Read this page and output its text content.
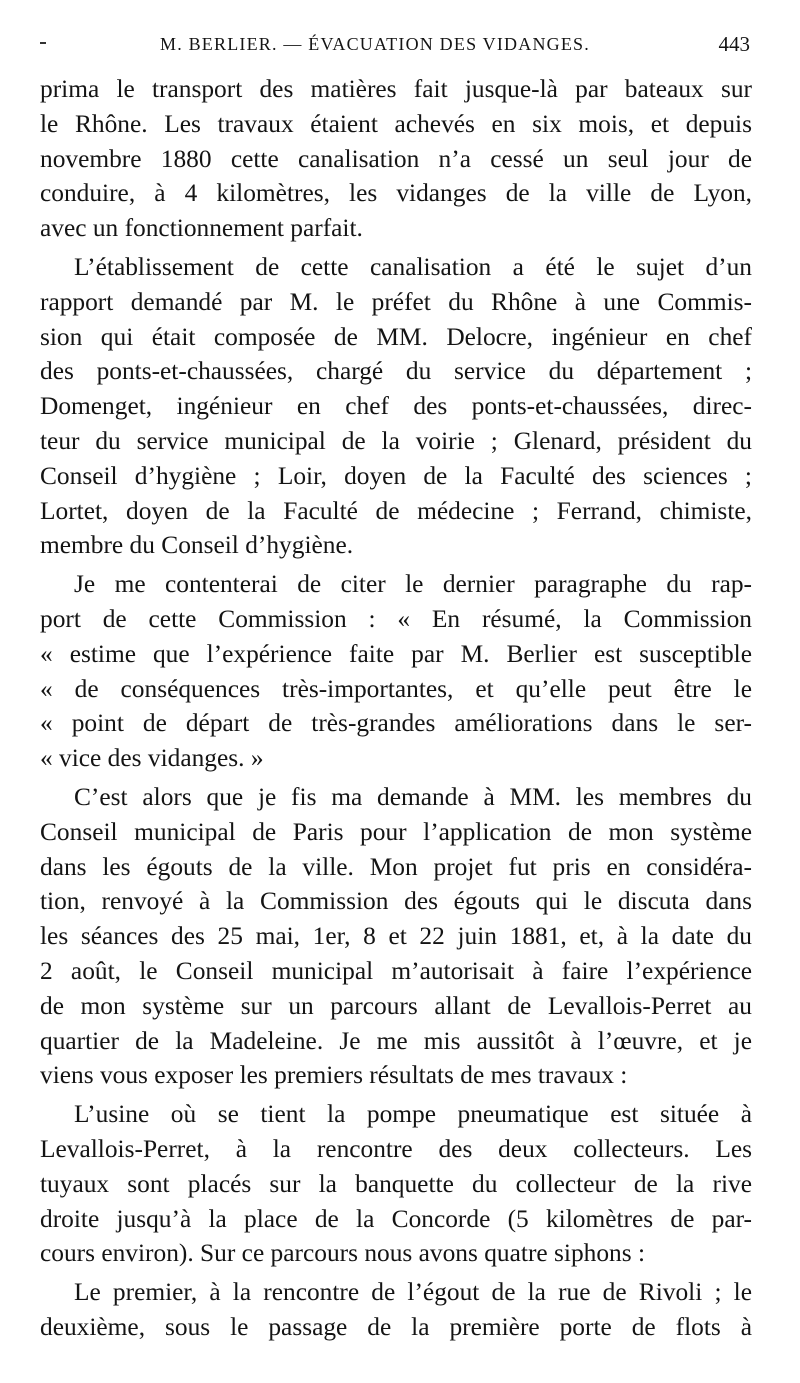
M. BERLIER. — ÉVACUATION DES VIDANGES.	443
prima le transport des matières fait jusque-là par bateaux sur
le Rhône. Les travaux étaient achevés en six mois, et depuis
novembre 1880 cette canalisation n’a cessé un seul jour de
conduire, à 4 kilomètres, les vidanges de la ville de Lyon,
avec un fonctionnement parfait.
L’établissement de cette canalisation a été le sujet d’un
rapport demandé par M. le préfet du Rhône à une Commis-
sion qui était composée de MM. Delocre, ingénieur en chef
des ponts-et-chaussées, chargé du service du département ;
Domenget, ingénieur en chef des ponts-et-chaussées, direc-
teur du service municipal de la voirie ; Glenard, président du
Conseil d’hygiène ; Loir, doyen de la Faculté des sciences ;
Lortet, doyen de la Faculté de médecine ; Ferrand, chimiste,
membre du Conseil d’hygiène.
Je me contenterai de citer le dernier paragraphe du rap-
port de cette Commission : « En résumé, la Commission
« estime que l’expérience faite par M. Berlier est susceptible
« de conséquences très-importantes, et qu’elle peut être le
« point de départ de très-grandes améliorations dans le ser-
« vice des vidanges. »
C’est alors que je fis ma demande à MM. les membres du
Conseil municipal de Paris pour l’application de mon système
dans les égouts de la ville. Mon projet fut pris en considéra-
tion, renvoyé à la Commission des égouts qui le discuta dans
les séances des 25 mai, 1er, 8 et 22 juin 1881, et, à la date du
2 août, le Conseil municipal m’autorisait à faire l’expérience
de mon système sur un parcours allant de Levallois-Perret au
quartier de la Madeleine. Je me mis aussitôt à l’œuvre, et je
viens vous exposer les premiers résultats de mes travaux :
L’usine où se tient la pompe pneumatique est située à
Levallois-Perret, à la rencontre des deux collecteurs. Les
tuyaux sont placés sur la banquette du collecteur de la rive
droite jusqu’à la place de la Concorde (5 kilomètres de par-
cours environ). Sur ce parcours nous avons quatre siphons :
Le premier, à la rencontre de l’égout de la rue de Rivoli ; le
deuxième, sous le passage de la première porte de flots à
